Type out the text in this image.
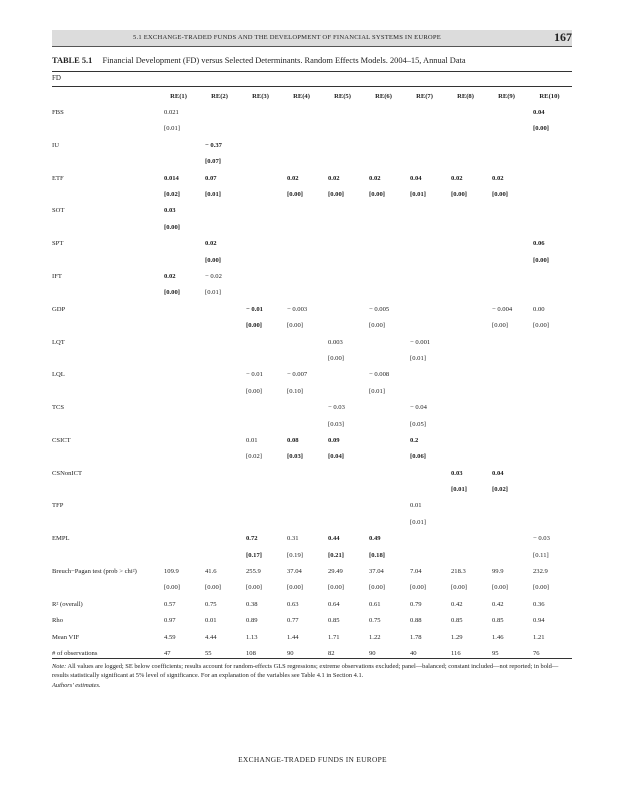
5.1 EXCHANGE-TRADED FUNDS AND THE DEVELOPMENT OF FINANCIAL SYSTEMS IN EUROPE	167
TABLE 5.1 Financial Development (FD) versus Selected Determinants. Random Effects Models. 2004–15, Annual Data
FD
	RE(1)	RE(2)	RE(3)	RE(4)	RE(5)	RE(6)	RE(7)	RE(8)	RE(9)	RE(10)
FBS	0.021									0.04
	[0.01]									[0.00]
IU		− 0.37								
		[0.07]								
ETF	0.014	0.07		0.02	0.02	0.02	0.04	0.02	0.02	
	[0.02]	[0.01]		[0.00]	[0.00]	[0.00]	[0.01]	[0.00]	[0.00]	
SOT	0.03									
	[0.00]									
SPT		0.02								0.06
		[0.00]								[0.00]
IFT	0.02	− 0.02								
	[0.00]	[0.01]								
GDP			− 0.01	− 0.003		− 0.005			− 0.004	0.00
			[0.00]	[0.00]		[0.00]			[0.00]	[0.00]
LQT					0.003		− 0.001			
					[0.00]		[0.01]			
LQL			− 0.01	− 0.007		− 0.008				
			[0.00]	[0.10]		[0.01]				
TCS					− 0.03		− 0.04			
					[0.03]		[0.05]			
CSICT			0.01	0.08	0.09		0.2			
			[0.02]	[0.03]	[0.04]		[0.06]			
CSNonICT								0.03	0.04	
								[0.01]	[0.02]	
TFP							0.01			
							[0.01]			
EMPL			0.72	0.31	0.44	0.49				− 0.03
			[0.17]	[0.19]	[0.21]	[0.18]				[0.11]
Breuch−Pagan test (prob > chi²)	109.9	41.6	255.9	37.04	29.49	37.04	7.04	218.3	99.9	232.9
	[0.00]	[0.00]	[0.00]	[0.00]	[0.00]	[0.00]	[0.00]	[0.00]	[0.00]	[0.00]
R² (overall)	0.57	0.75	0.38	0.63	0.64	0.61	0.79	0.42	0.42	0.36
Rho	0.97	0.01	0.89	0.77	0.85	0.75	0.88	0.85	0.85	0.94
Mean VIF	4.59	4.44	1.13	1.44	1.71	1.22	1.78	1.29	1.46	1.21
# of observations	47	55	108	90	82	90	40	116	95	76
Note: All values are logged; SE below coefficients; results account for random-effects GLS regressions; extreme observations excluded; panel—balanced; constant included—not reported; in bold—results statistically significant at 5% level of significance. For an explanation of the variables see Table 4.1 in Section 4.1.
Authors' estimates.
EXCHANGE-TRADED FUNDS IN EUROPE
